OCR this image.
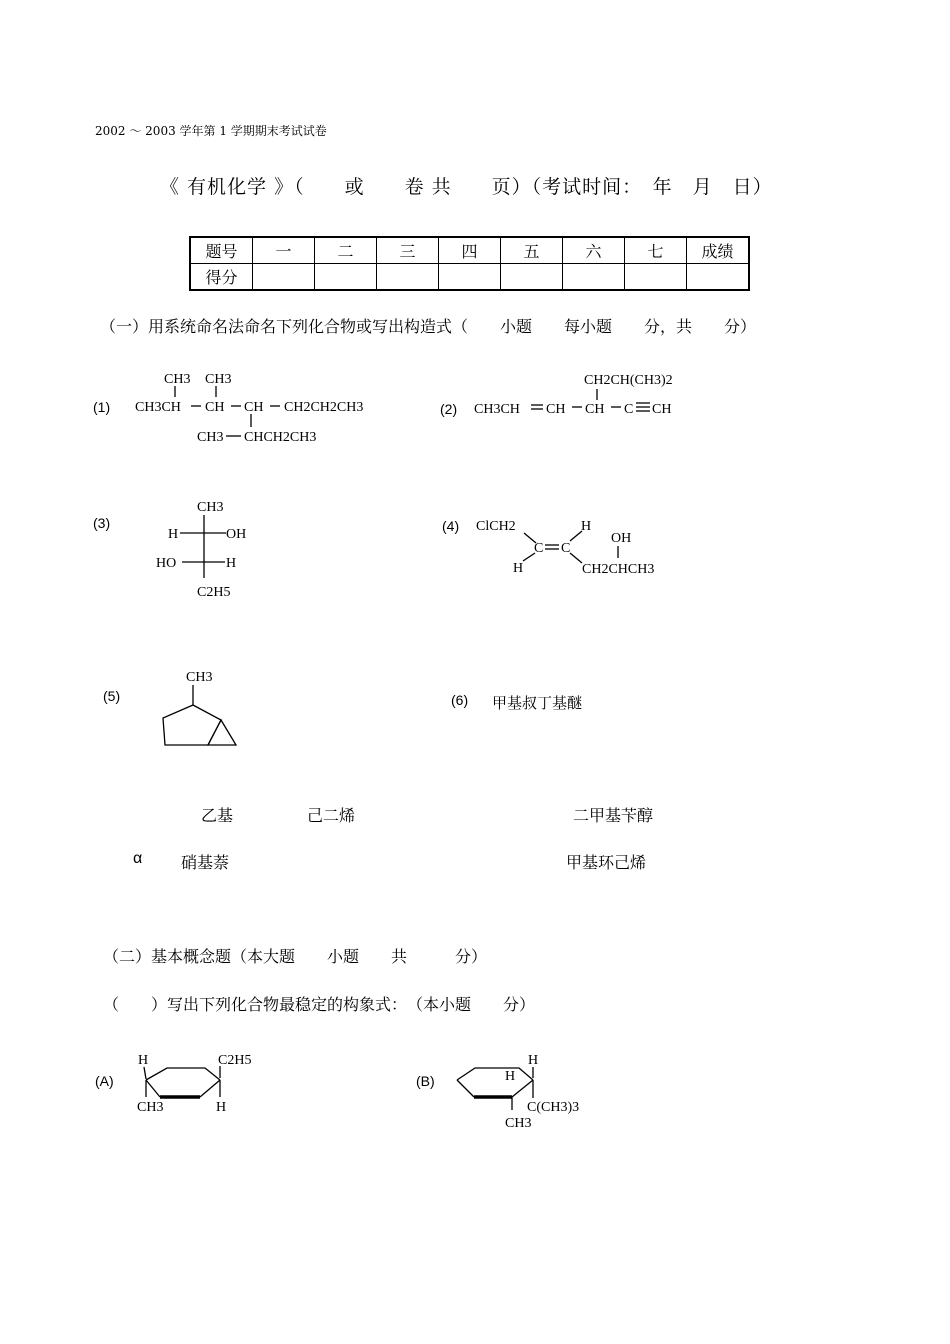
2002 ～ 2003 学年第 1 学期期末考试试卷
《 有机化学 》（　　或　　卷 共　　页）（考试时间：　年　月　日）
题号	一	二	三	四	五	六	七	成绩
得分								
（一）用系统命名法命名下列化合物或写出构造式（　　小题　　每小题　　分，共　　分）
(1)	(2)
(3)	(4)
(5)	(6) 甲基叔丁基醚
乙基	己二烯	二甲基苄醇
α 硝基萘	甲基环己烯
（二）基本概念题（本大题　　小题　　共　　　分）
（　　）写出下列化合物最稳定的构象式：　（本小题　　分）
(A)	(B)
CH3 CH3
CH3CH CH CH CH2CH2CH3
CH3 CHCH2CH3
CH2CH(CH3)2
CH3CH CH CH C CH
CH3
H	OH
HO	H
C2H5
ClCH2
C C
H
H
OH
CH2CHCH3
CH3
H	C2H5
CH3	H
H
H
C(CH3)3
CH3
